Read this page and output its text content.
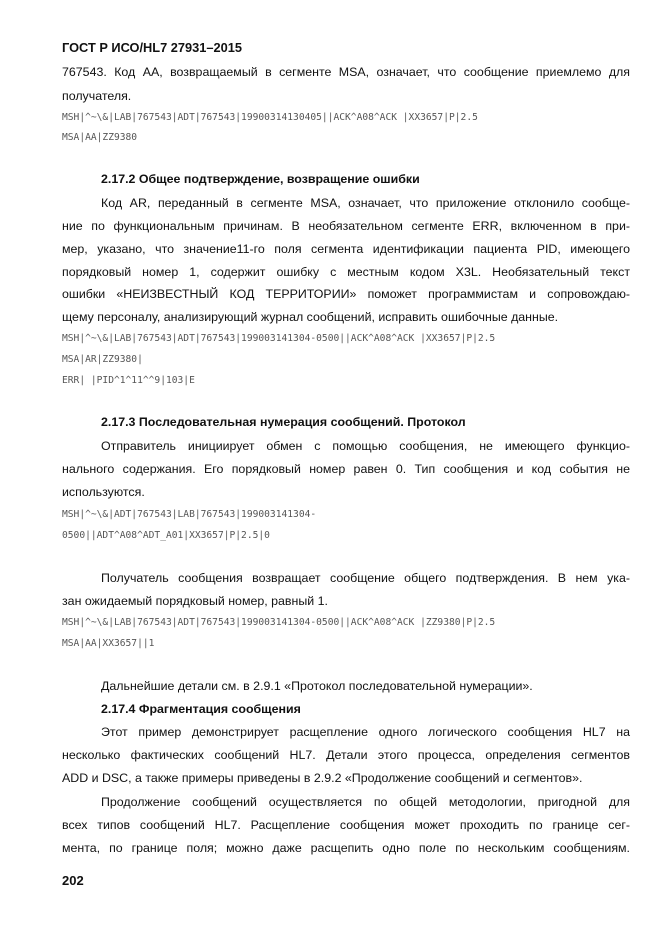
ГОСТ Р ИСО/HL7 27931–2015
767543. Код AA, возвращаемый в сегменте MSA, означает, что сообщение приемлемо для
получателя.
MSH|^~\&|LAB|767543|ADT|767543|19900314130405||ACK^A08^ACK |XX3657|P|2.5
MSA|AA|ZZ9380
2.17.2 Общее подтверждение, возвращение ошибки
Код AR, переданный в сегменте MSA, означает, что приложение отклонило сообще-
ние по функциональным причинам. В необязательном сегменте ERR, включенном в при-
мер, указано, что значение11-го поля сегмента идентификации пациента PID, имеющего
порядковый номер 1, содержит ошибку с местным кодом X3L. Необязательный текст
ошибки «НЕИЗВЕСТНЫЙ КОД ТЕРРИТОРИИ» поможет программистам и сопровождаю-
щему персоналу, анализирующий журнал сообщений, исправить ошибочные данные.
MSH|^~\&|LAB|767543|ADT|767543|199003141304-0500||ACK^A08^ACK |XX3657|P|2.5
MSA|AR|ZZ9380|
ERR| |PID^1^11^^9|103|E
2.17.3 Последовательная нумерация сообщений. Протокол
Отправитель инициирует обмен с помощью сообщения, не имеющего функцио-
нального содержания. Его порядковый номер равен 0. Тип сообщения и код события не
используются.
MSH|^~\&|ADT|767543|LAB|767543|199003141304-
0500||ADT^A08^ADT_A01|XX3657|P|2.5|0
Получатель сообщения возвращает сообщение общего подтверждения. В нем ука-
зан ожидаемый порядковый номер, равный 1.
MSH|^~\&|LAB|767543|ADT|767543|199003141304-0500||ACK^A08^ACK |ZZ9380|P|2.5
MSA|AA|XX3657||1
Дальнейшие детали см. в 2.9.1 «Протокол последовательной нумерации».
2.17.4 Фрагментация сообщения
Этот пример демонстрирует расщепление одного логического сообщения HL7 на
несколько фактических сообщений HL7. Детали этого процесса, определения сегментов
ADD и DSC, а также примеры приведены в 2.9.2 «Продолжение сообщений и сегментов».
Продолжение сообщений осуществляется по общей методологии, пригодной для
всех типов сообщений HL7. Расщепление сообщения может проходить по границе сег-
мента, по границе поля; можно даже расщепить одно поле по нескольким сообщениям.
202
